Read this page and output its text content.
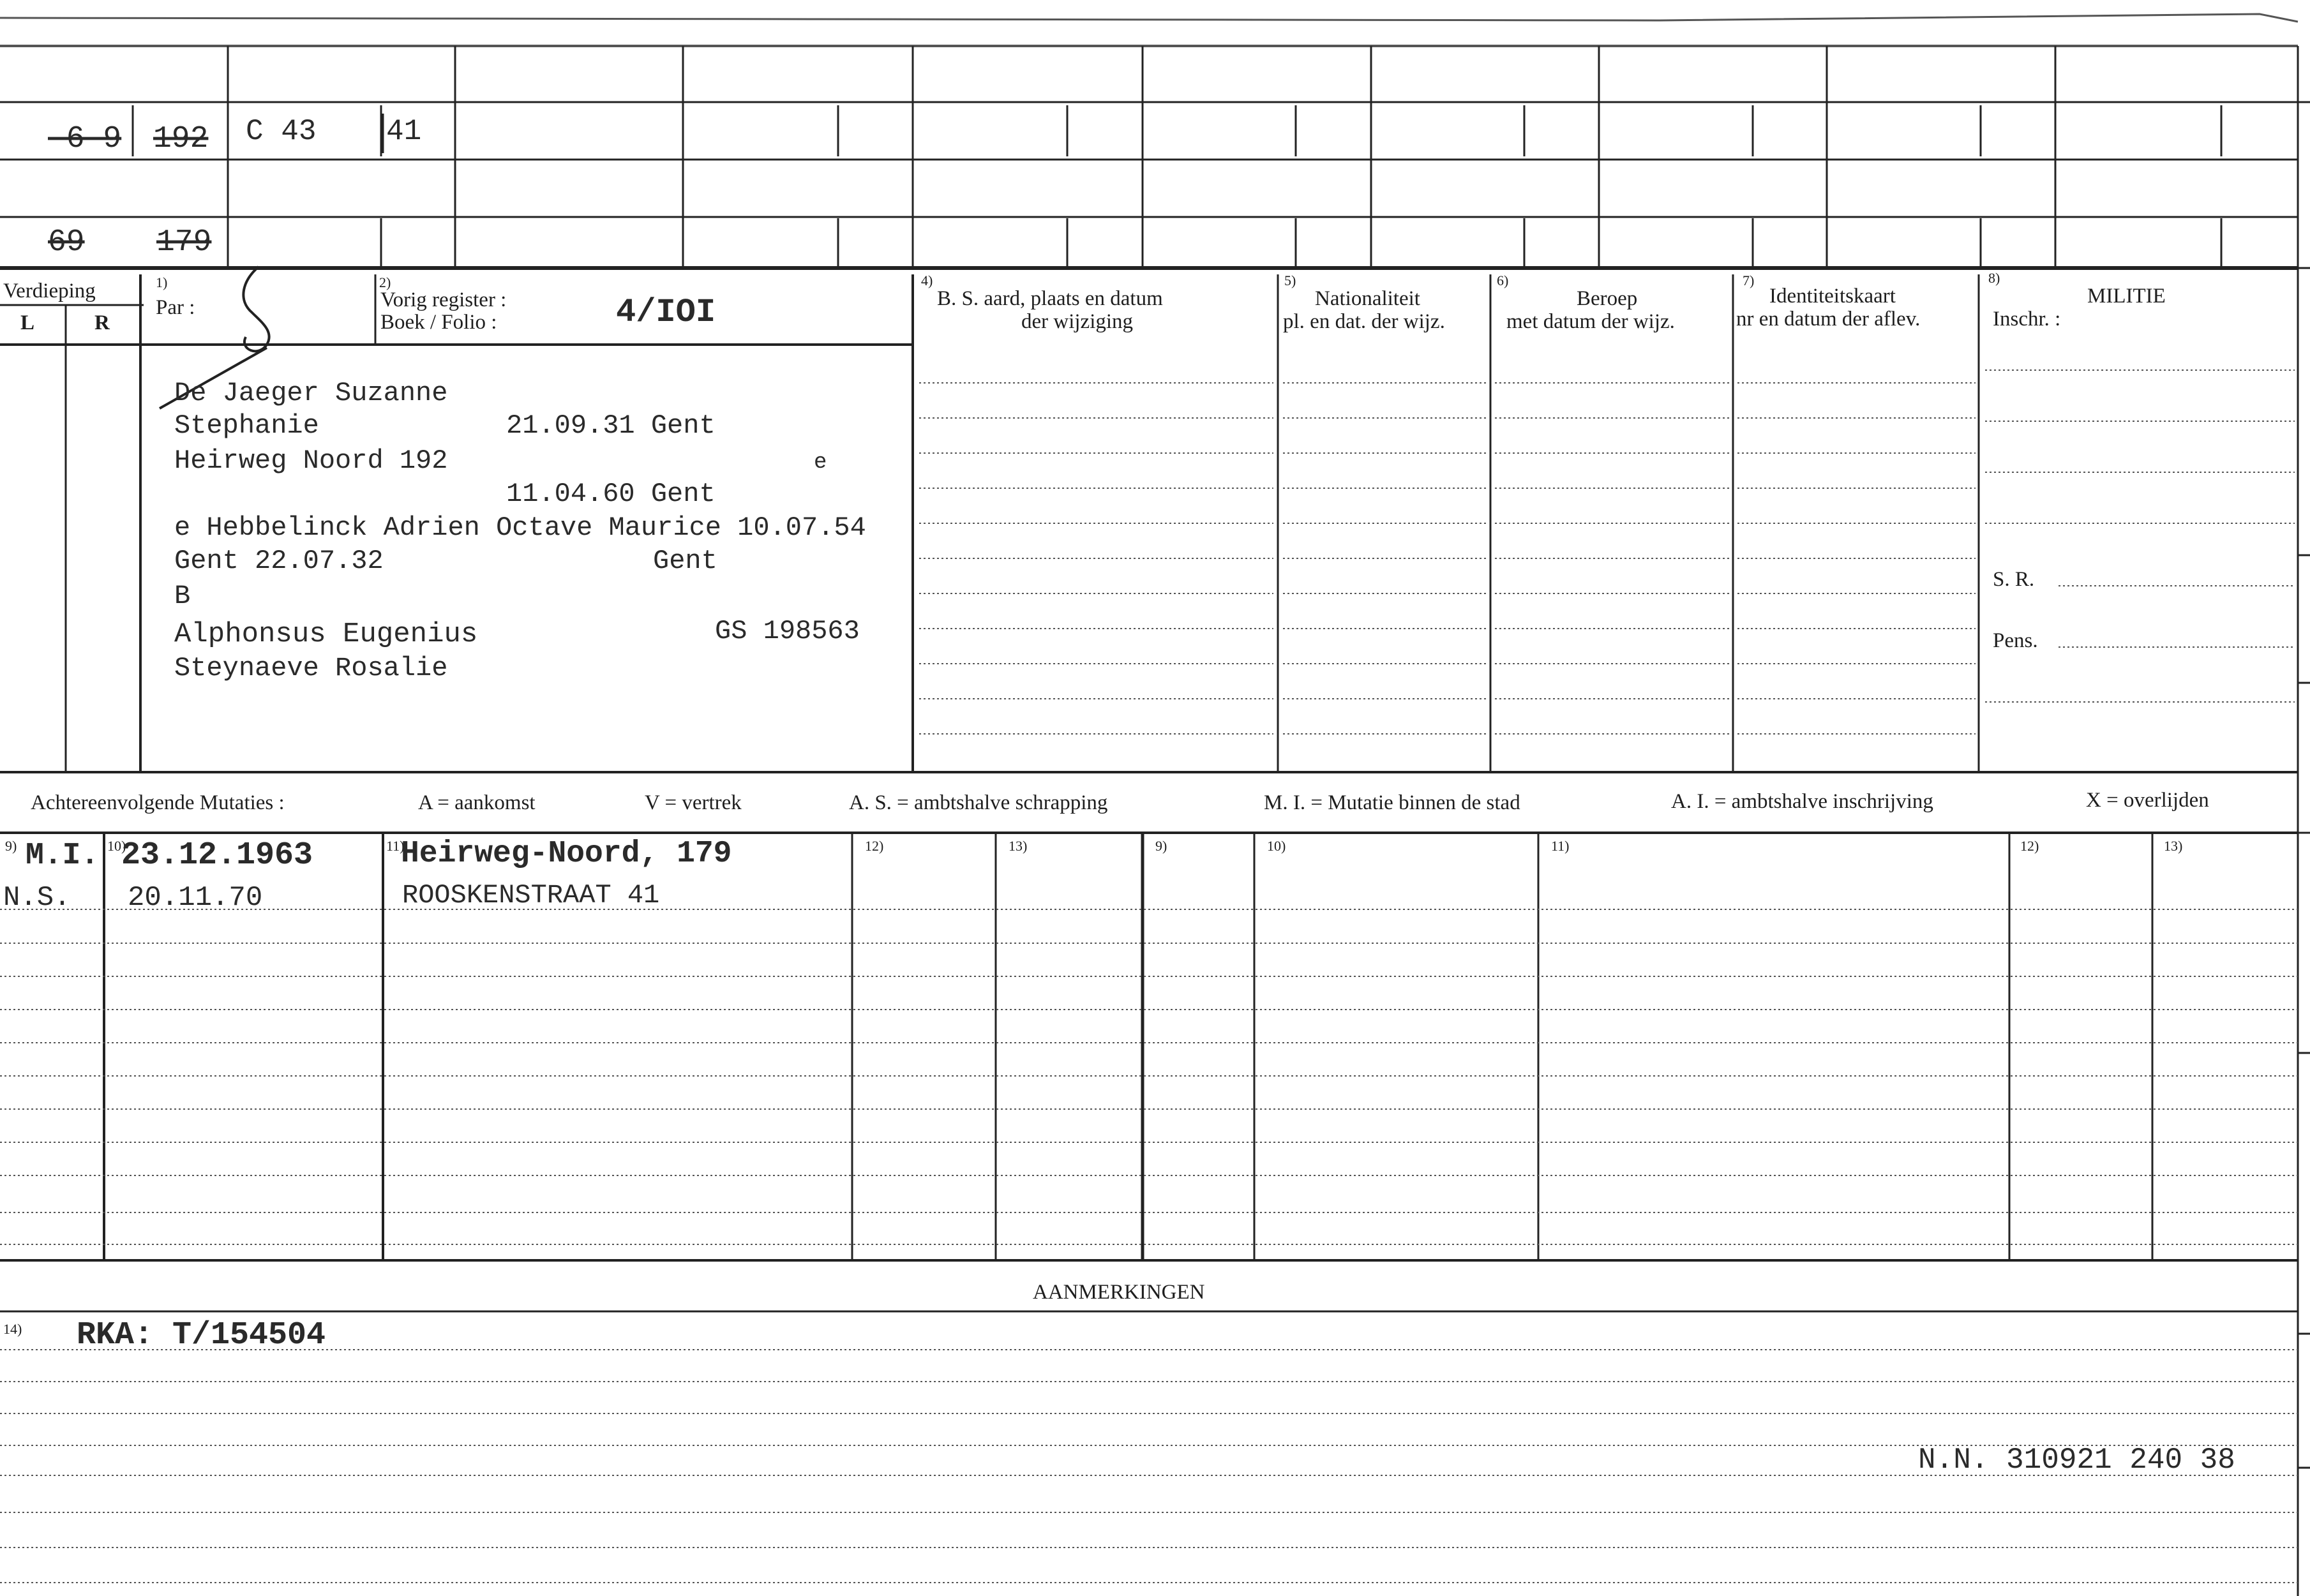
-6-9 192 C 43 41
69 179
Verdieping
L	R
1)
Par :
2)
Vorig register :
Boek / Folio :	4/IOI
4)
B. S. aard, plaats en datum
der wijziging
5)
Nationaliteit
pl. en dat. der wijz.
6)
Beroep
met datum der wijz.
7)
Identiteitskaart
nr en datum der aflev.
8)
MILITIE
Inschr. :
S. R.
Pens.
De Jaeger Suzanne
Stephanie	21.09.31 Gent
Heirweg Noord 192	e
11.04.60 Gent
e Hebbelinck Adrien Octave Maurice 10.07.54
Gent 22.07.32	Gent
B
Alphonsus Eugenius	GS 198563
Steynaeve Rosalie
Achtereenvolgende Mutaties :	A = aankomst	V = vertrek	A. S. = ambtshalve schrapping	M. I. = Mutatie binnen de stad	A. I. = ambtshalve inschrijving	X = overlijden
9)	10)	11)	12)	13)	9)	10)	11)	12)	13)
M.I. 23.12.1963	Heirweg-Noord, 179
N.S. 20.11.70	ROOSKENSTRAAT 41
AANMERKINGEN
14) RKA: T/154504
N.N. 310921 240 38
